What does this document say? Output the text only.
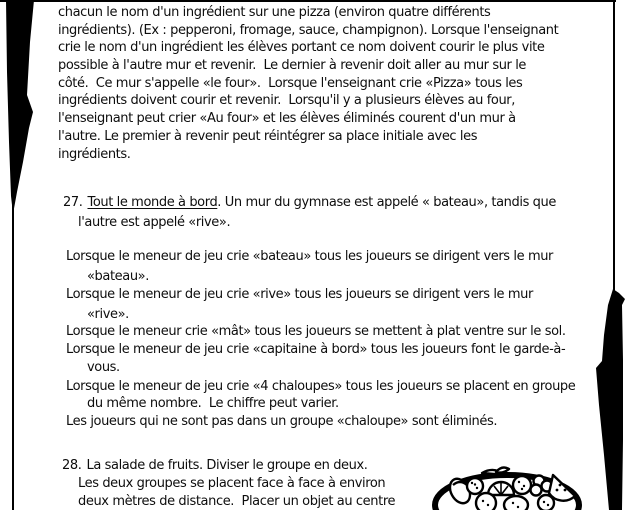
chacun le nom d'un ingrédient sur une pizza (environ quatre différents
ingrédients). (Ex : pepperoni, fromage, sauce, champignon). Lorsque l'enseignant
crie le nom d'un ingrédient les élèves portant ce nom doivent courir le plus vite
possible à l'autre mur et revenir.  Le dernier à revenir doit aller au mur sur le
côté.  Ce mur s'appelle «le four».  Lorsque l'enseignant crie «Pizza» tous les
ingrédients doivent courir et revenir.  Lorsqu'il y a plusieurs élèves au four,
l'enseignant peut crier «Au four» et les élèves éliminés courent d'un mur à
l'autre. Le premier à revenir peut réintégrer sa place initiale avec les
ingrédients.
27. Tout le monde à bord. Un mur du gymnase est appelé « bateau», tandis que
l'autre est appelé «rive».
Lorsque le meneur de jeu crie «bateau» tous les joueurs se dirigent vers le mur
«bateau».
Lorsque le meneur de jeu crie «rive» tous les joueurs se dirigent vers le mur
«rive».
Lorsque le meneur crie «mât» tous les joueurs se mettent à plat ventre sur le sol.
Lorsque le meneur de jeu crie «capitaine à bord» tous les joueurs font le garde-à-
vous.
Lorsque le meneur de jeu crie «4 chaloupes» tous les joueurs se placent en groupe
du même nombre.  Le chiffre peut varier.
Les joueurs qui ne sont pas dans un groupe «chaloupe» sont éliminés.
28. La salade de fruits. Diviser le groupe en deux.
Les deux groupes se placent face à face à environ
deux mètres de distance.  Placer un objet au centre
